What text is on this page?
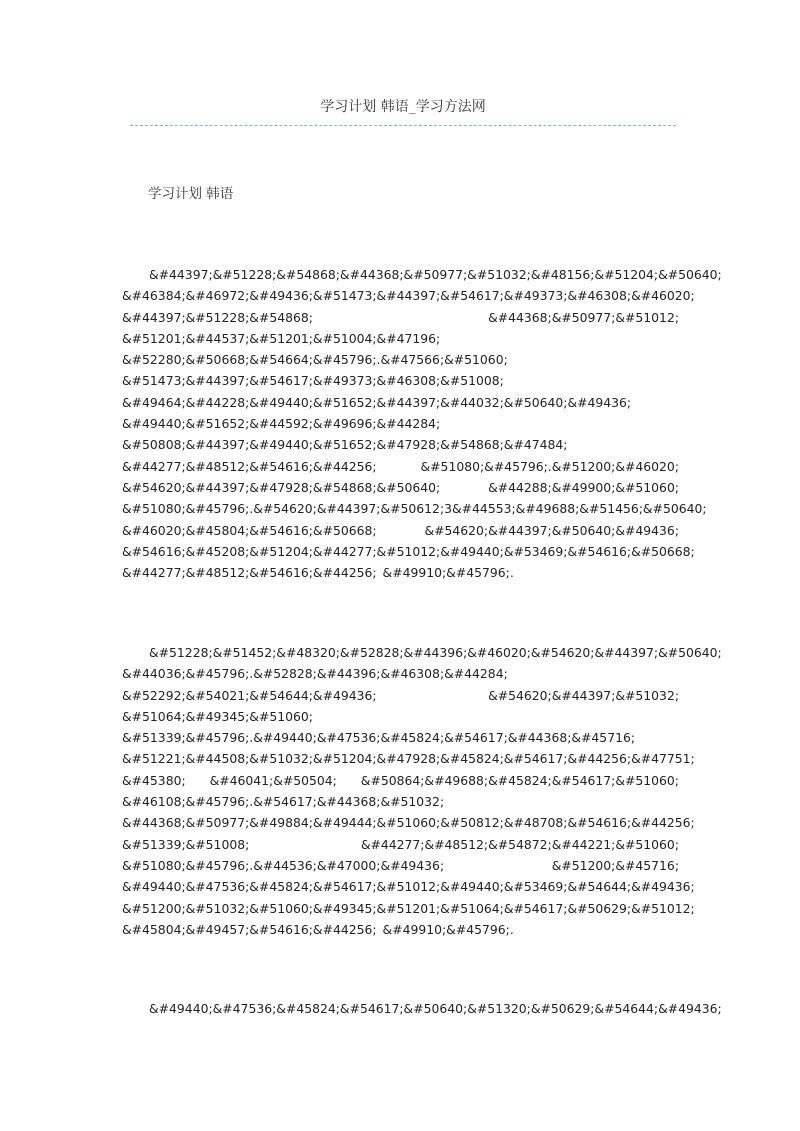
学习计划 韩语_学习方法网
学习计划 韩语
&#44397;&#51228;&#54868; &#44368;&#50977;&#51032; &#48156;&#51204;&#50640;
&#46384;&#46972;&#49436; &#51473;&#44397;&#54617;&#49373;&#46308;&#46020;
&#44397;&#51228;&#54868;	&#44368;&#50977;&#51012;
&#51201;&#44537;&#51201;&#51004;&#47196;
&#52280;&#50668;&#54664;&#45796;.&#47566;&#51060;
&#51473;&#44397;&#54617;&#49373;&#46308;&#51008;
&#49464;&#44228;&#49440;&#51652;&#44397;&#44032;&#50640;&#49436;
&#49440;&#51652;&#44592;&#49696;&#44284;
&#50808;&#44397;&#49440;&#51652;&#47928;&#54868;&#47484;
&#44277;&#48512;&#54616;&#44256;	&#51080;&#45796;.&#51200;&#46020;
&#54620;&#44397;&#47928;&#54868;&#50640;	&#44288;&#49900;&#51060;
&#51080;&#45796;.&#54620;&#44397;&#50612; 3&#44553;&#49688;&#51456;&#50640;
&#46020;&#45804;&#54616;&#50668;	&#54620;&#44397;&#50640;&#49436;
&#54616;&#45208; &#51204;&#44277;&#51012; &#49440;&#53469;&#54616;&#50668;
&#44277;&#48512;&#54616;&#44256; &#49910;&#45796;.
&#51228; &#51452;&#48320; &#52828;&#44396;&#46020; &#54620;&#44397;&#50640;
&#44036;&#45796;.&#52828;&#44396;&#46308;&#44284;
&#52292;&#54021;&#54644;&#49436;	&#54620;&#44397;&#51032;
&#51064;&#49345;&#51060;
&#51339;&#45796;.&#49440;&#47536;&#45824;&#54617;&#44368;&#45716;
&#51221;&#44508;&#51032; &#51204;&#47928;&#45824;&#54617;&#44256; &#47751;
&#45380; &#46041;&#50504; &#50864;&#49688;&#45824;&#54617;&#51060;
&#46108;&#45796;.&#54617;&#44368;&#51032;
&#44368;&#50977;&#49884;&#49444;&#51060; &#50812;&#48708;&#54616;&#44256;
&#51339;&#51008;	&#44277;&#48512;&#54872;&#44221;&#51060;
&#51080;&#45796;.&#44536;&#47000;&#49436;	&#51200;&#45716;
&#49440;&#47536;&#45824;&#54617;&#51012; &#49440;&#53469;&#54644;&#49436;
&#51200;&#51032; &#51060;&#49345;&#51201;&#51064; &#54617;&#50629;&#51012;
&#45804;&#49457;&#54616;&#44256; &#49910;&#45796;.
&#49440;&#47536;&#45824;&#54617;&#50640; &#51320;&#50629;&#54644;&#49436;
